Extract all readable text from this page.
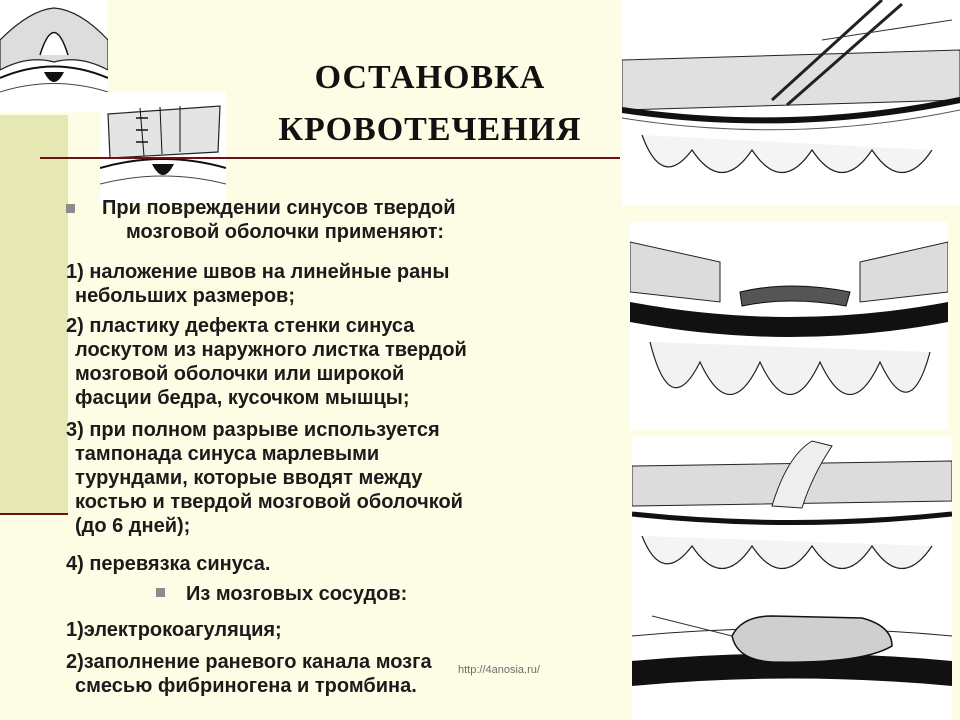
ОСТАНОВКА
КРОВОТЕЧЕНИЯ
При повреждении синусов твердой
мозговой оболочки применяют:
1) наложение швов на линейные раны
небольших размеров;
2) пластику дефекта стенки синуса
лоскутом из наружного листка твердой
мозговой оболочки или широкой
фасции бедра, кусочком мышцы;
3) при полном разрыве используется
тампонада синуса марлевыми
турундами, которые вводят между
костью и твердой мозговой оболочкой
(до 6 дней);
4) перевязка синуса.
Из мозговых сосудов:
1)электрокоагуляция;
2)заполнение раневого канала мозга
смесью фибриногена и тромбина.
http://4anosia.ru/
